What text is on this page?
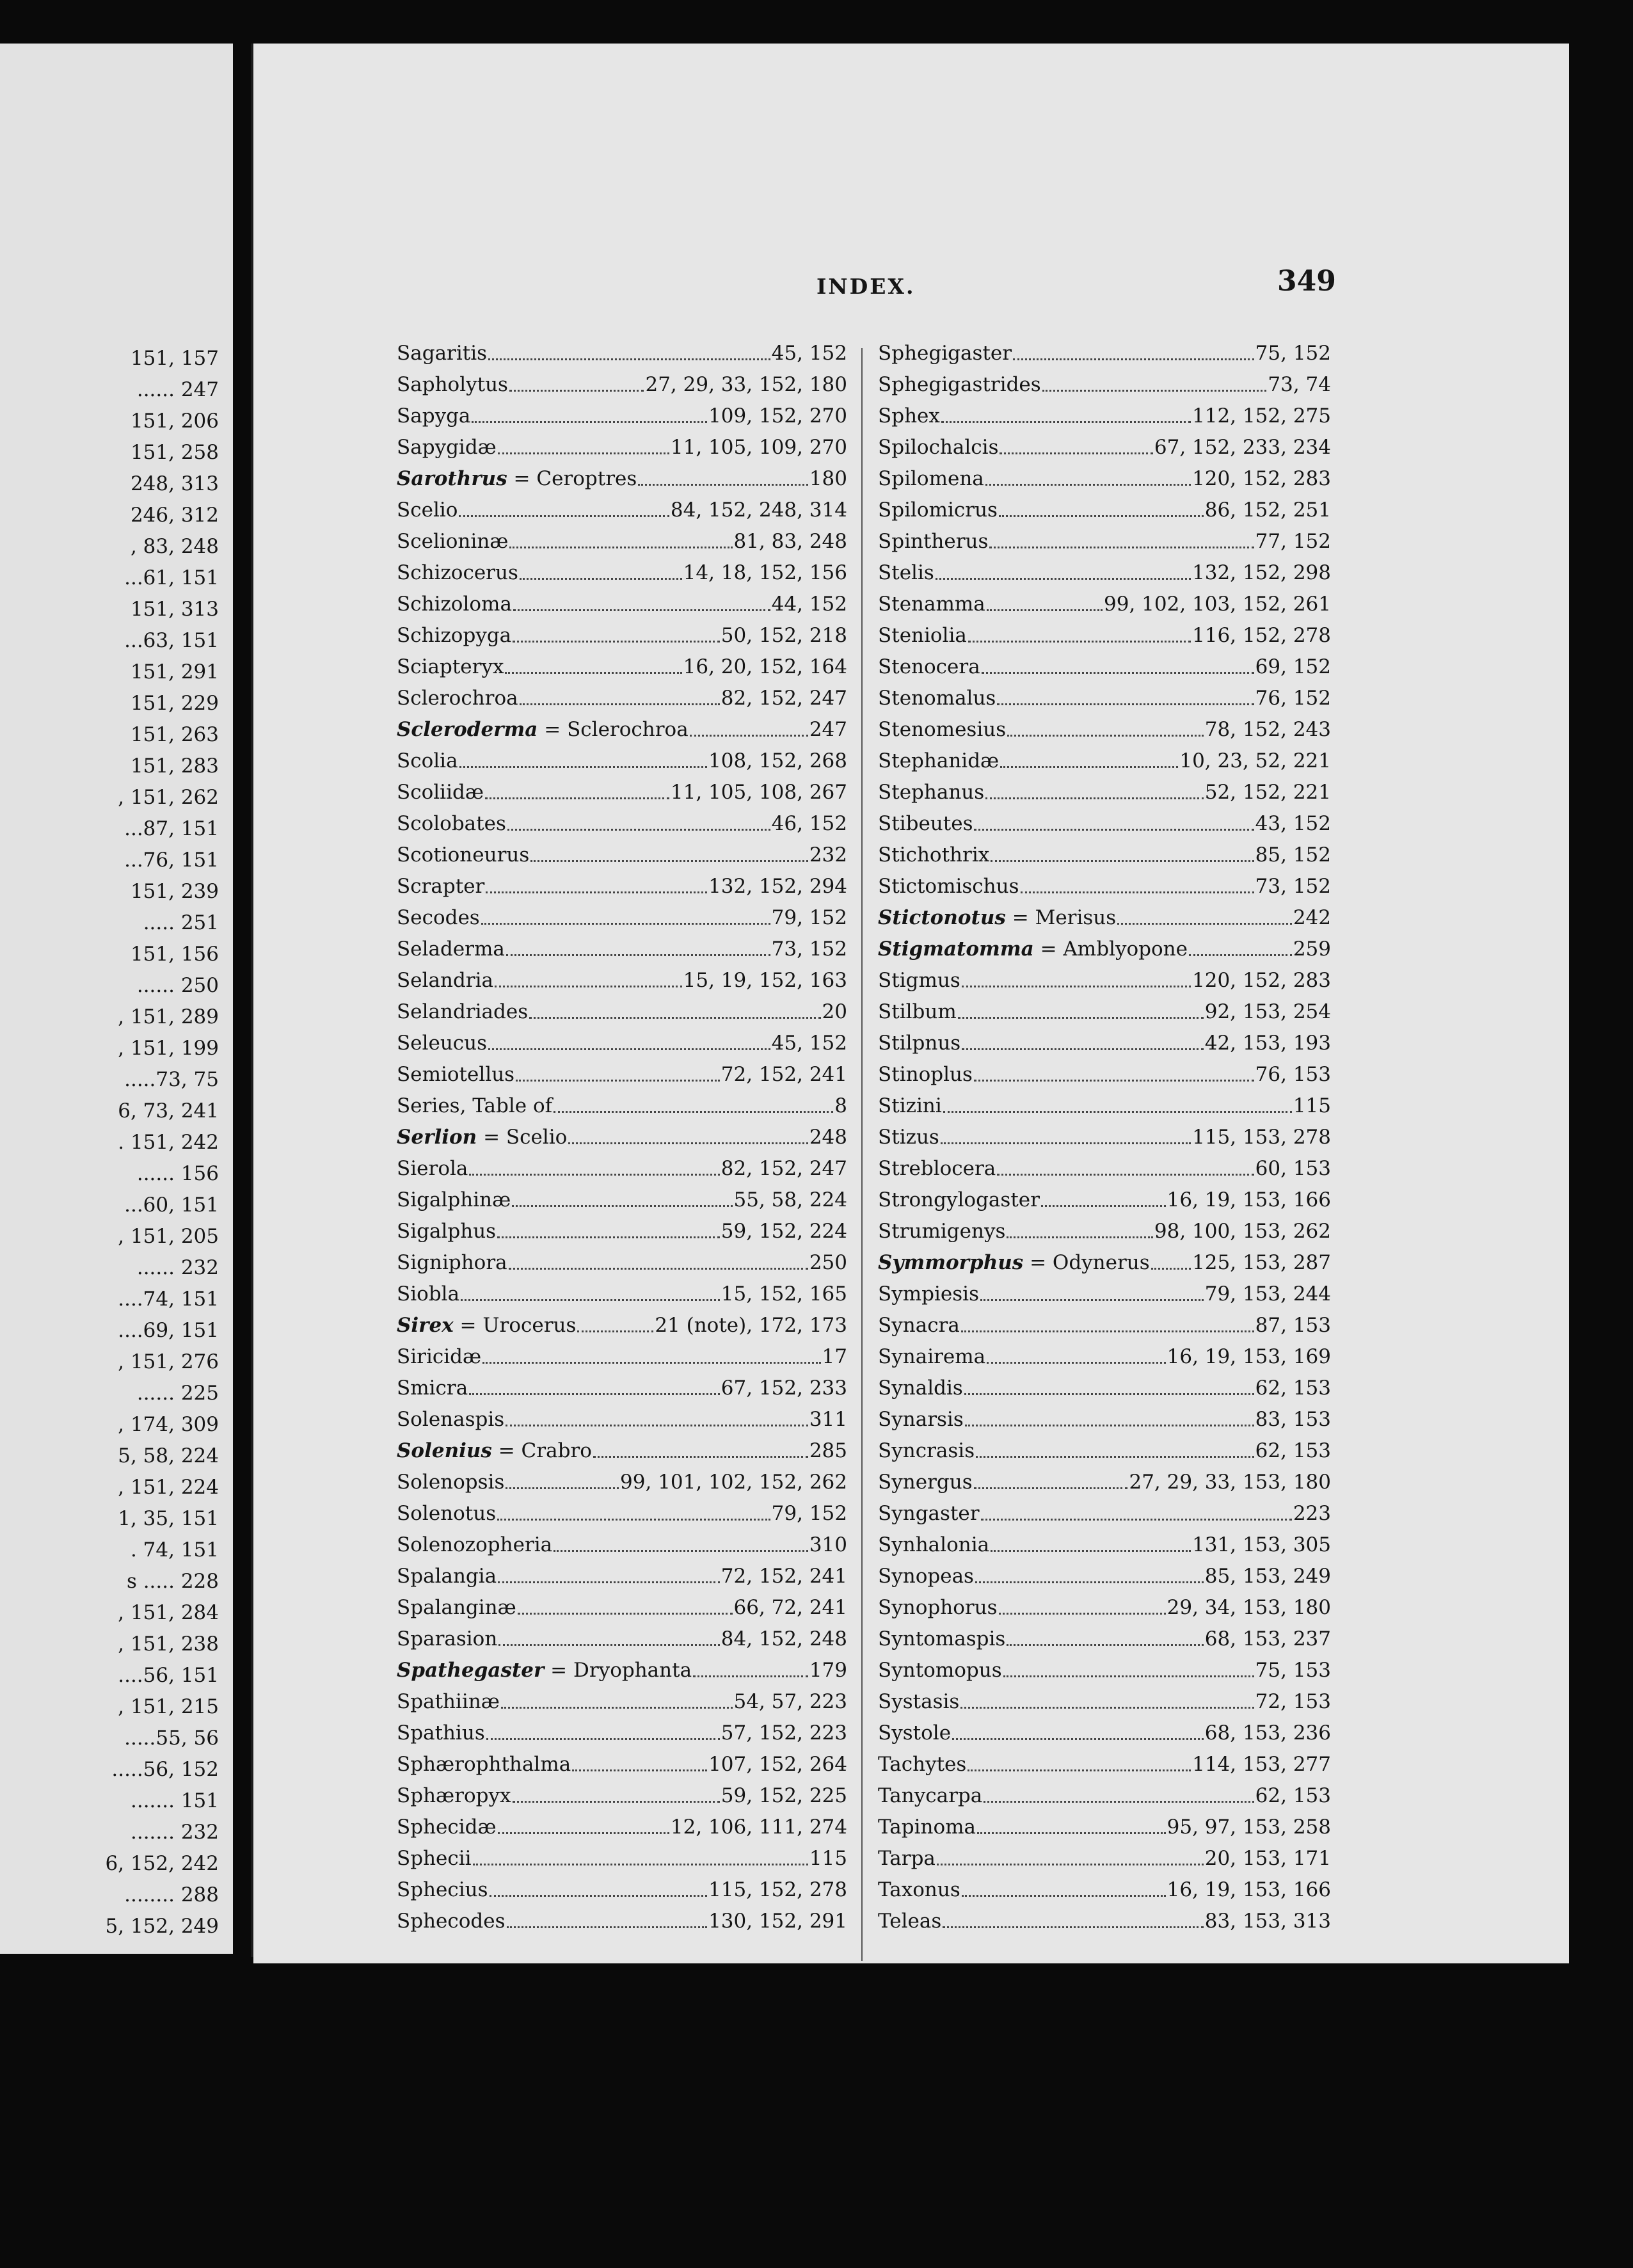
151, 157
...... 247
151, 206
151, 258
248, 313
246, 312
, 83, 248
...61, 151
151, 313
...63, 151
151, 291
151, 229
151, 263
151, 283
, 151, 262
...87, 151
...76, 151
151, 239
..... 251
151, 156
...... 250
, 151, 289
, 151, 199
.....73, 75
6, 73, 241
. 151, 242
...... 156
...60, 151
, 151, 205
...... 232
....74, 151
....69, 151
, 151, 276
...... 225
, 174, 309
5, 58, 224
, 151, 224
1, 35, 151
. 74, 151
s ..... 228
, 151, 284
, 151, 238
....56, 151
, 151, 215
.....55, 56
.....56, 152
....... 151
....... 232
6, 152, 242
........ 288
5, 152, 249
INDEX.	349
Sagaritis	45, 152
Sapholytus	27, 29, 33, 152, 180
Sapyga	109, 152, 270
Sapygidæ	11, 105, 109, 270
Sarothrus = Ceroptres	180
Scelio	84, 152, 248, 314
Scelioninæ	81, 83, 248
Schizocerus	14, 18, 152, 156
Schizoloma	44, 152
Schizopyga	50, 152, 218
Sciapteryx	16, 20, 152, 164
Sclerochroa	82, 152, 247
Scleroderma = Sclerochroa	247
Scolia	108, 152, 268
Scoliidæ	11, 105, 108, 267
Scolobates	46, 152
Scotioneurus	232
Scrapter	132, 152, 294
Secodes	79, 152
Seladerma	73, 152
Selandria	15, 19, 152, 163
Selandriades	20
Seleucus	45, 152
Semiotellus	72, 152, 241
Series, Table of	8
Serlion = Scelio	248
Sierola	82, 152, 247
Sigalphinæ	55, 58, 224
Sigalphus	59, 152, 224
Signiphora	250
Siobla	15, 152, 165
Sirex = Urocerus	21 (note), 172, 173
Siricidæ	17
Smicra	67, 152, 233
Solenaspis	311
Solenius = Crabro	285
Solenopsis	99, 101, 102, 152, 262
Solenotus	79, 152
Solenozopheria	310
Spalangia	72, 152, 241
Spalanginæ	66, 72, 241
Sparasion	84, 152, 248
Spathegaster = Dryophanta	179
Spathiinæ	54, 57, 223
Spathius	57, 152, 223
Sphærophthalma	107, 152, 264
Sphæropyx	59, 152, 225
Sphecidæ	12, 106, 111, 274
Sphecii	115
Sphecius	115, 152, 278
Sphecodes	130, 152, 291
Sphegigaster	75, 152
Sphegigastrides	73, 74
Sphex	112, 152, 275
Spilochalcis	67, 152, 233, 234
Spilomena	120, 152, 283
Spilomicrus	86, 152, 251
Spintherus	77, 152
Stelis	132, 152, 298
Stenamma	99, 102, 103, 152, 261
Steniolia	116, 152, 278
Stenocera	69, 152
Stenomalus	76, 152
Stenomesius	78, 152, 243
Stephanidæ	10, 23, 52, 221
Stephanus	52, 152, 221
Stibeutes	43, 152
Stichothrix	85, 152
Stictomischus	73, 152
Stictonotus = Merisus	242
Stigmatomma = Amblyopone	259
Stigmus	120, 152, 283
Stilbum	92, 153, 254
Stilpnus	42, 153, 193
Stinoplus	76, 153
Stizini	115
Stizus	115, 153, 278
Streblocera	60, 153
Strongylogaster	16, 19, 153, 166
Strumigenys	98, 100, 153, 262
Symmorphus = Odynerus 125, 153, 287
Sympiesis	79, 153, 244
Synacra	87, 153
Synairema	16, 19, 153, 169
Synaldis	62, 153
Synarsis	83, 153
Syncrasis	62, 153
Synergus	27, 29, 33, 153, 180
Syngaster	223
Synhalonia	131, 153, 305
Synopeas	85, 153, 249
Synophorus	29, 34, 153, 180
Syntomaspis	68, 153, 237
Syntomopus	75, 153
Systasis	72, 153
Systole	68, 153, 236
Tachytes	114, 153, 277
Tanycarpa	62, 153
Tapinoma	95, 97, 153, 258
Tarpa	20, 153, 171
Taxonus	16, 19, 153, 166
Teleas	83, 153, 313
